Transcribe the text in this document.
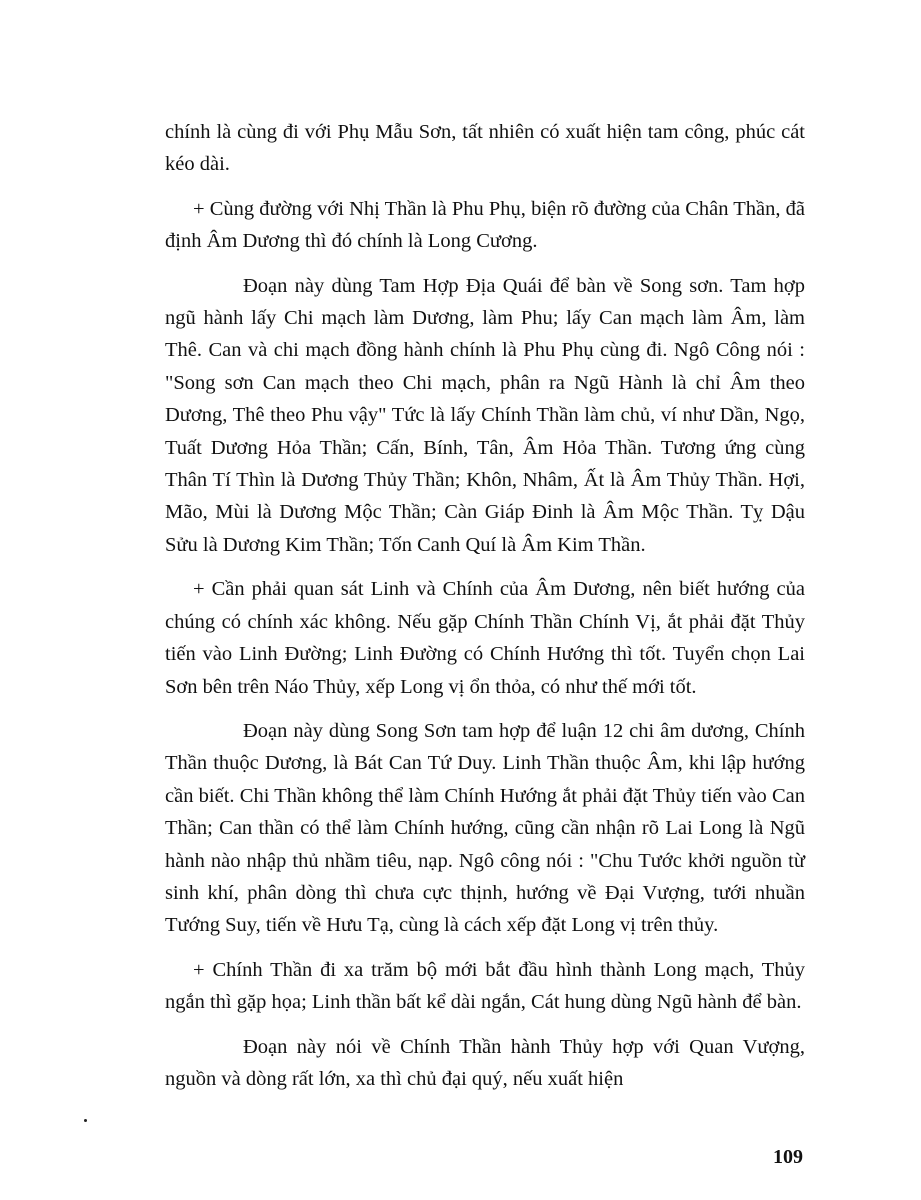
chính là cùng đi với Phụ Mẫu Sơn, tất nhiên có xuất hiện tam công, phúc cát kéo dài.

+ Cùng đường với Nhị Thần là Phu Phụ, biện rõ đường của Chân Thần, đã định Âm Dương thì đó chính là Long Cương.

Đoạn này dùng Tam Hợp Địa Quái để bàn về Song sơn. Tam hợp ngũ hành lấy Chi mạch làm Dương, làm Phu; lấy Can mạch làm Âm, làm Thê. Can và chi mạch đồng hành chính là Phu Phụ cùng đi. Ngô Công nói : "Song sơn Can mạch theo Chi mạch, phân ra Ngũ Hành là chỉ Âm theo Dương, Thê theo Phu vậy" Tức là lấy Chính Thần làm chủ, ví như Dần, Ngọ, Tuất Dương Hỏa Thần; Cấn, Bính, Tân, Âm Hỏa Thần. Tương ứng cùng Thân Tí Thìn là Dương Thủy Thần; Khôn, Nhâm, Ất là Âm Thủy Thần. Hợi, Mão, Mùi là Dương Mộc Thần; Càn Giáp Đinh là Âm Mộc Thần. Tỵ Dậu Sửu là Dương Kim Thần; Tốn Canh Quí là Âm Kim Thần.

+ Cần phải quan sát Linh và Chính của Âm Dương, nên biết hướng của chúng có chính xác không. Nếu gặp Chính Thần Chính Vị, ắt phải đặt Thủy tiến vào Linh Đường; Linh Đường có Chính Hướng thì tốt. Tuyển chọn Lai Sơn bên trên Náo Thủy, xếp Long vị ổn thỏa, có như thế mới tốt.

Đoạn này dùng Song Sơn tam hợp để luận 12 chi âm dương, Chính Thần thuộc Dương, là Bát Can Tứ Duy. Linh Thần thuộc Âm, khi lập hướng cần biết. Chi Thần không thể làm Chính Hướng ắt phải đặt Thủy tiến vào Can Thần; Can thần có thể làm Chính hướng, cũng cần nhận rõ Lai Long là Ngũ hành nào nhập thủ nhầm tiêu, nạp. Ngô công nói : "Chu Tước khởi nguồn từ sinh khí, phân dòng thì chưa cực thịnh, hướng về Đại Vượng, tưới nhuần Tướng Suy, tiến về Hưu Tạ, cùng là cách xếp đặt Long vị trên thủy.

+ Chính Thần đi xa trăm bộ mới bắt đầu hình thành Long mạch, Thủy ngắn thì gặp họa; Linh thần bất kể dài ngắn, Cát hung dùng Ngũ hành để bàn.

Đoạn này nói về Chính Thần hành Thủy hợp với Quan Vượng, nguồn và dòng rất lớn, xa thì chủ đại quý, nếu xuất hiện

109
